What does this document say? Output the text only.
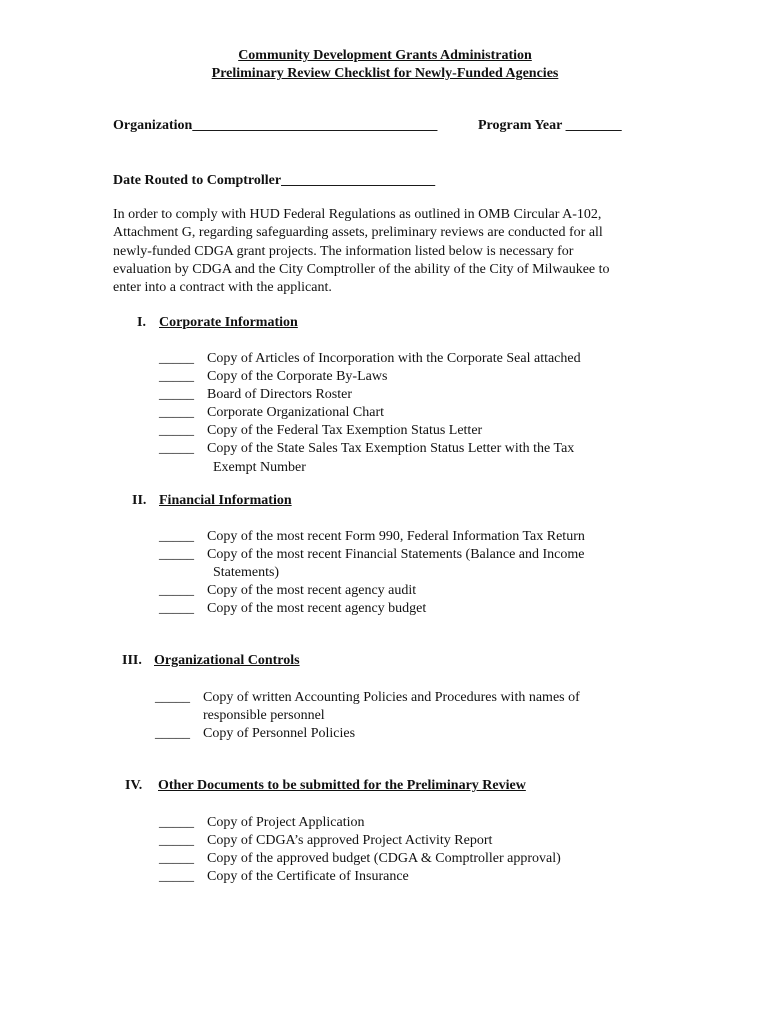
Community Development Grants Administration
Preliminary Review Checklist for Newly-Funded Agencies
Organization___________________________________	Program Year ________
Date Routed to Comptroller______________________
In order to comply with HUD Federal Regulations as outlined in OMB Circular A-102,
Attachment G, regarding safeguarding assets, preliminary reviews are conducted for all
newly-funded CDGA grant projects. The information listed below is necessary for
evaluation by CDGA and the City Comptroller of the ability of the City of Milwaukee to
enter into a contract with the applicant.
I. Corporate Information
_____ Copy of Articles of Incorporation with the Corporate Seal attached
_____ Copy of the Corporate By-Laws
_____ Board of Directors Roster
_____ Corporate Organizational Chart
_____ Copy of the Federal Tax Exemption Status Letter
_____ Copy of the State Sales Tax Exemption Status Letter with the Tax
Exempt Number
II. Financial Information
_____ Copy of the most recent Form 990, Federal Information Tax Return
_____ Copy of the most recent Financial Statements (Balance and Income
Statements)
_____ Copy of the most recent agency audit
_____ Copy of the most recent agency budget
III. Organizational Controls
_____ Copy of written Accounting Policies and Procedures with names of
responsible personnel
_____ Copy of Personnel Policies
IV. Other Documents to be submitted for the Preliminary Review
_____ Copy of Project Application
_____ Copy of CDGA’s approved Project Activity Report
_____ Copy of the approved budget (CDGA & Comptroller approval)
_____ Copy of the Certificate of Insurance
